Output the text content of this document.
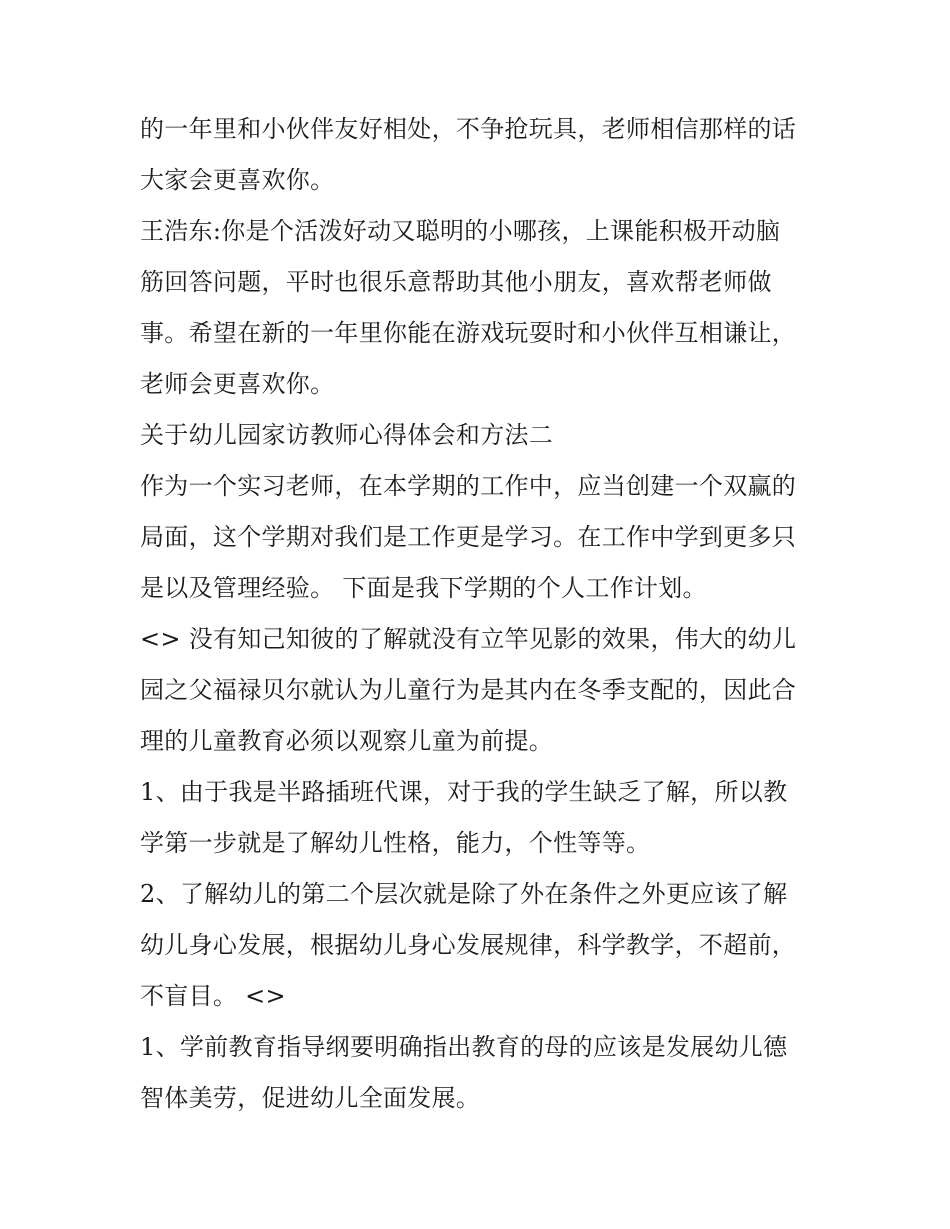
的一年里和小伙伴友好相处，不争抢玩具，老师相信那样的话
大家会更喜欢你。
王浩东:你是个活泼好动又聪明的小哪孩，上课能积极开动脑
筋回答问题，平时也很乐意帮助其他小朋友，喜欢帮老师做
事。希望在新的一年里你能在游戏玩耍时和小伙伴互相谦让，
老师会更喜欢你。
关于幼儿园家访教师心得体会和方法二
作为一个实习老师，在本学期的工作中，应当创建一个双赢的
局面，这个学期对我们是工作更是学习。在工作中学到更多只
是以及管理经验。 下面是我下学期的个人工作计划。
<> 没有知己知彼的了解就没有立竿见影的效果，伟大的幼儿
园之父福禄贝尔就认为儿童行为是其内在冬季支配的，因此合
理的儿童教育必须以观察儿童为前提。
1、由于我是半路插班代课，对于我的学生缺乏了解，所以教
学第一步就是了解幼儿性格，能力，个性等等。
2、了解幼儿的第二个层次就是除了外在条件之外更应该了解
幼儿身心发展，根据幼儿身心发展规律，科学教学，不超前，
不盲目。 <>
1、学前教育指导纲要明确指出教育的母的应该是发展幼儿德
智体美劳，促进幼儿全面发展。
